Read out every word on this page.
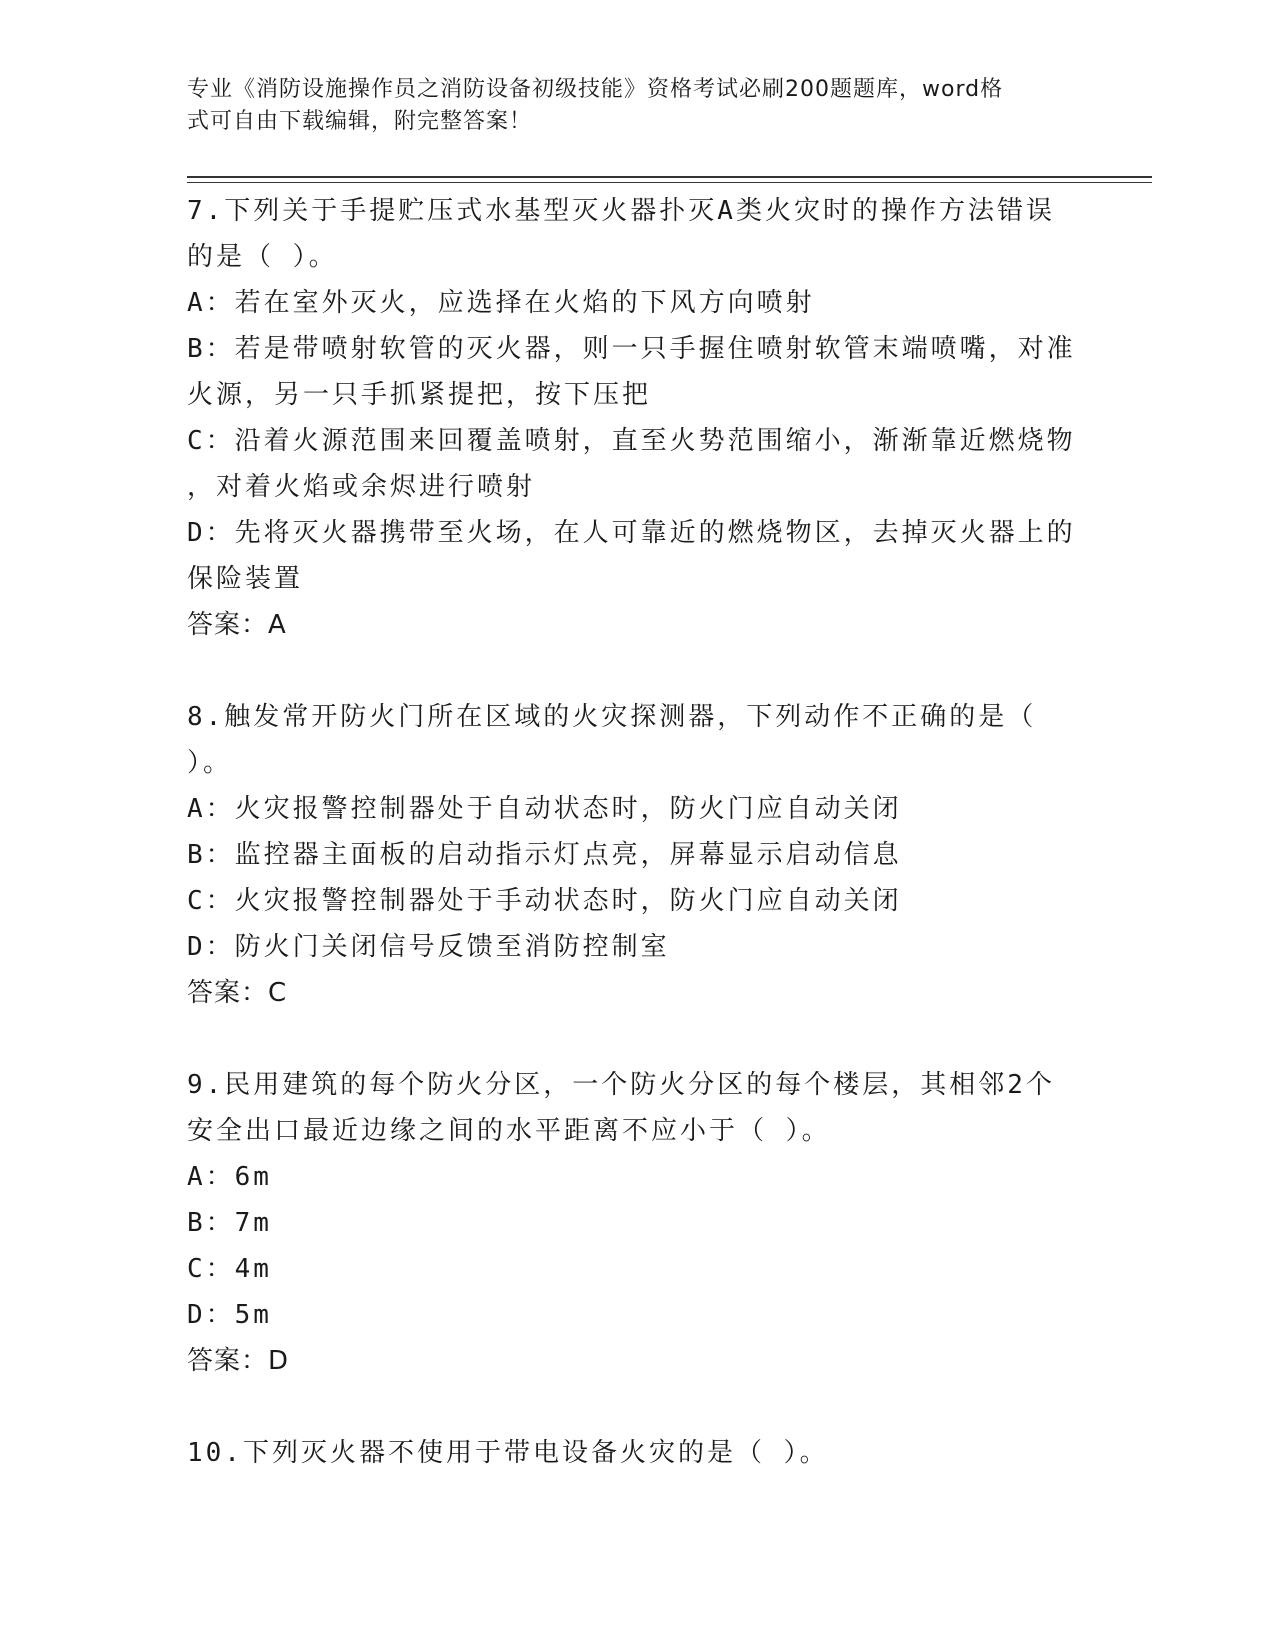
专业《消防设施操作员之消防设备初级技能》资格考试必刷200题题库，word格
式可自由下载编辑，附完整答案！
7.下列关于手提贮压式水基型灭火器扑灭A类火灾时的操作方法错误
的是（ ）。
A：若在室外灭火，应选择在火焰的下风方向喷射
B：若是带喷射软管的灭火器，则一只手握住喷射软管末端喷嘴，对准
火源，另一只手抓紧提把，按下压把
C：沿着火源范围来回覆盖喷射，直至火势范围缩小，渐渐靠近燃烧物
，对着火焰或余烬进行喷射
D：先将灭火器携带至火场，在人可靠近的燃烧物区，去掉灭火器上的
保险装置
答案：A
8.触发常开防火门所在区域的火灾探测器，下列动作不正确的是（
）。
A：火灾报警控制器处于自动状态时，防火门应自动关闭
B：监控器主面板的启动指示灯点亮，屏幕显示启动信息
C：火灾报警控制器处于手动状态时，防火门应自动关闭
D：防火门关闭信号反馈至消防控制室
答案：C
9.民用建筑的每个防火分区，一个防火分区的每个楼层，其相邻2个
安全出口最近边缘之间的水平距离不应小于（ ）。
A：6m
B：7m
C：4m
D：5m
答案：D
10.下列灭火器不使用于带电设备火灾的是（ ）。
